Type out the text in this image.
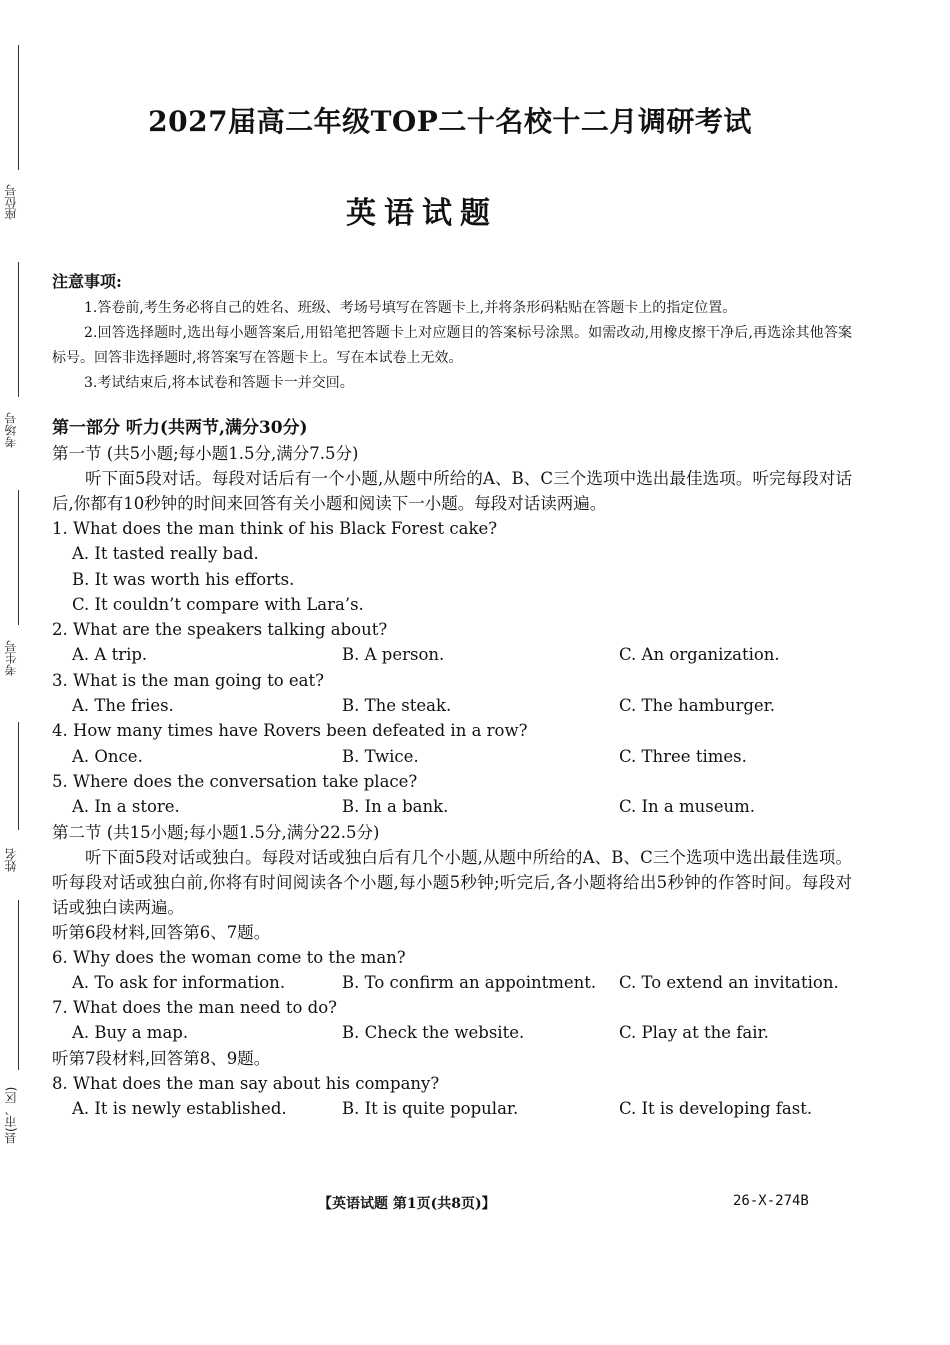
座位号
考场号
考生号
姓名
县(市、区)
2027届高二年级TOP二十名校十二月调研考试
英语试题
注意事项:
1.答卷前,考生务必将自己的姓名、班级、考场号填写在答题卡上,并将条形码粘贴在答题卡上的指定位置。
2.回答选择题时,选出每小题答案后,用铅笔把答题卡上对应题目的答案标号涂黑。如需改动,用橡皮擦干净后,再选涂其他答案标号。回答非选择题时,将答案写在答题卡上。写在本试卷上无效。
3.考试结束后,将本试卷和答题卡一并交回。
第一部分 听力(共两节,满分30分)
第一节 (共5小题;每小题1.5分,满分7.5分)
听下面5段对话。每段对话后有一个小题,从题中所给的A、B、C三个选项中选出最佳选项。听完每段对话后,你都有10秒钟的时间来回答有关小题和阅读下一小题。每段对话读两遍。
1. What does the man think of his Black Forest cake?
A. It tasted really bad.
B. It was worth his efforts.
C. It couldn’t compare with Lara’s.
2. What are the speakers talking about?
A. A trip.	B. A person.	C. An organization.
3. What is the man going to eat?
A. The fries.	B. The steak.	C. The hamburger.
4. How many times have Rovers been defeated in a row?
A. Once.	B. Twice.	C. Three times.
5. Where does the conversation take place?
A. In a store.	B. In a bank.	C. In a museum.
第二节 (共15小题;每小题1.5分,满分22.5分)
听下面5段对话或独白。每段对话或独白后有几个小题,从题中所给的A、B、C三个选项中选出最佳选项。听每段对话或独白前,你将有时间阅读各个小题,每小题5秒钟;听完后,各小题将给出5秒钟的作答时间。每段对话或独白读两遍。
听第6段材料,回答第6、7题。
6. Why does the woman come to the man?
A. To ask for information.	B. To confirm an appointment.	C. To extend an invitation.
7. What does the man need to do?
A. Buy a map.	B. Check the website.	C. Play at the fair.
听第7段材料,回答第8、9题。
8. What does the man say about his company?
A. It is newly established.	B. It is quite popular.	C. It is developing fast.
【英语试题 第1页(共8页)】	26-X-274B
